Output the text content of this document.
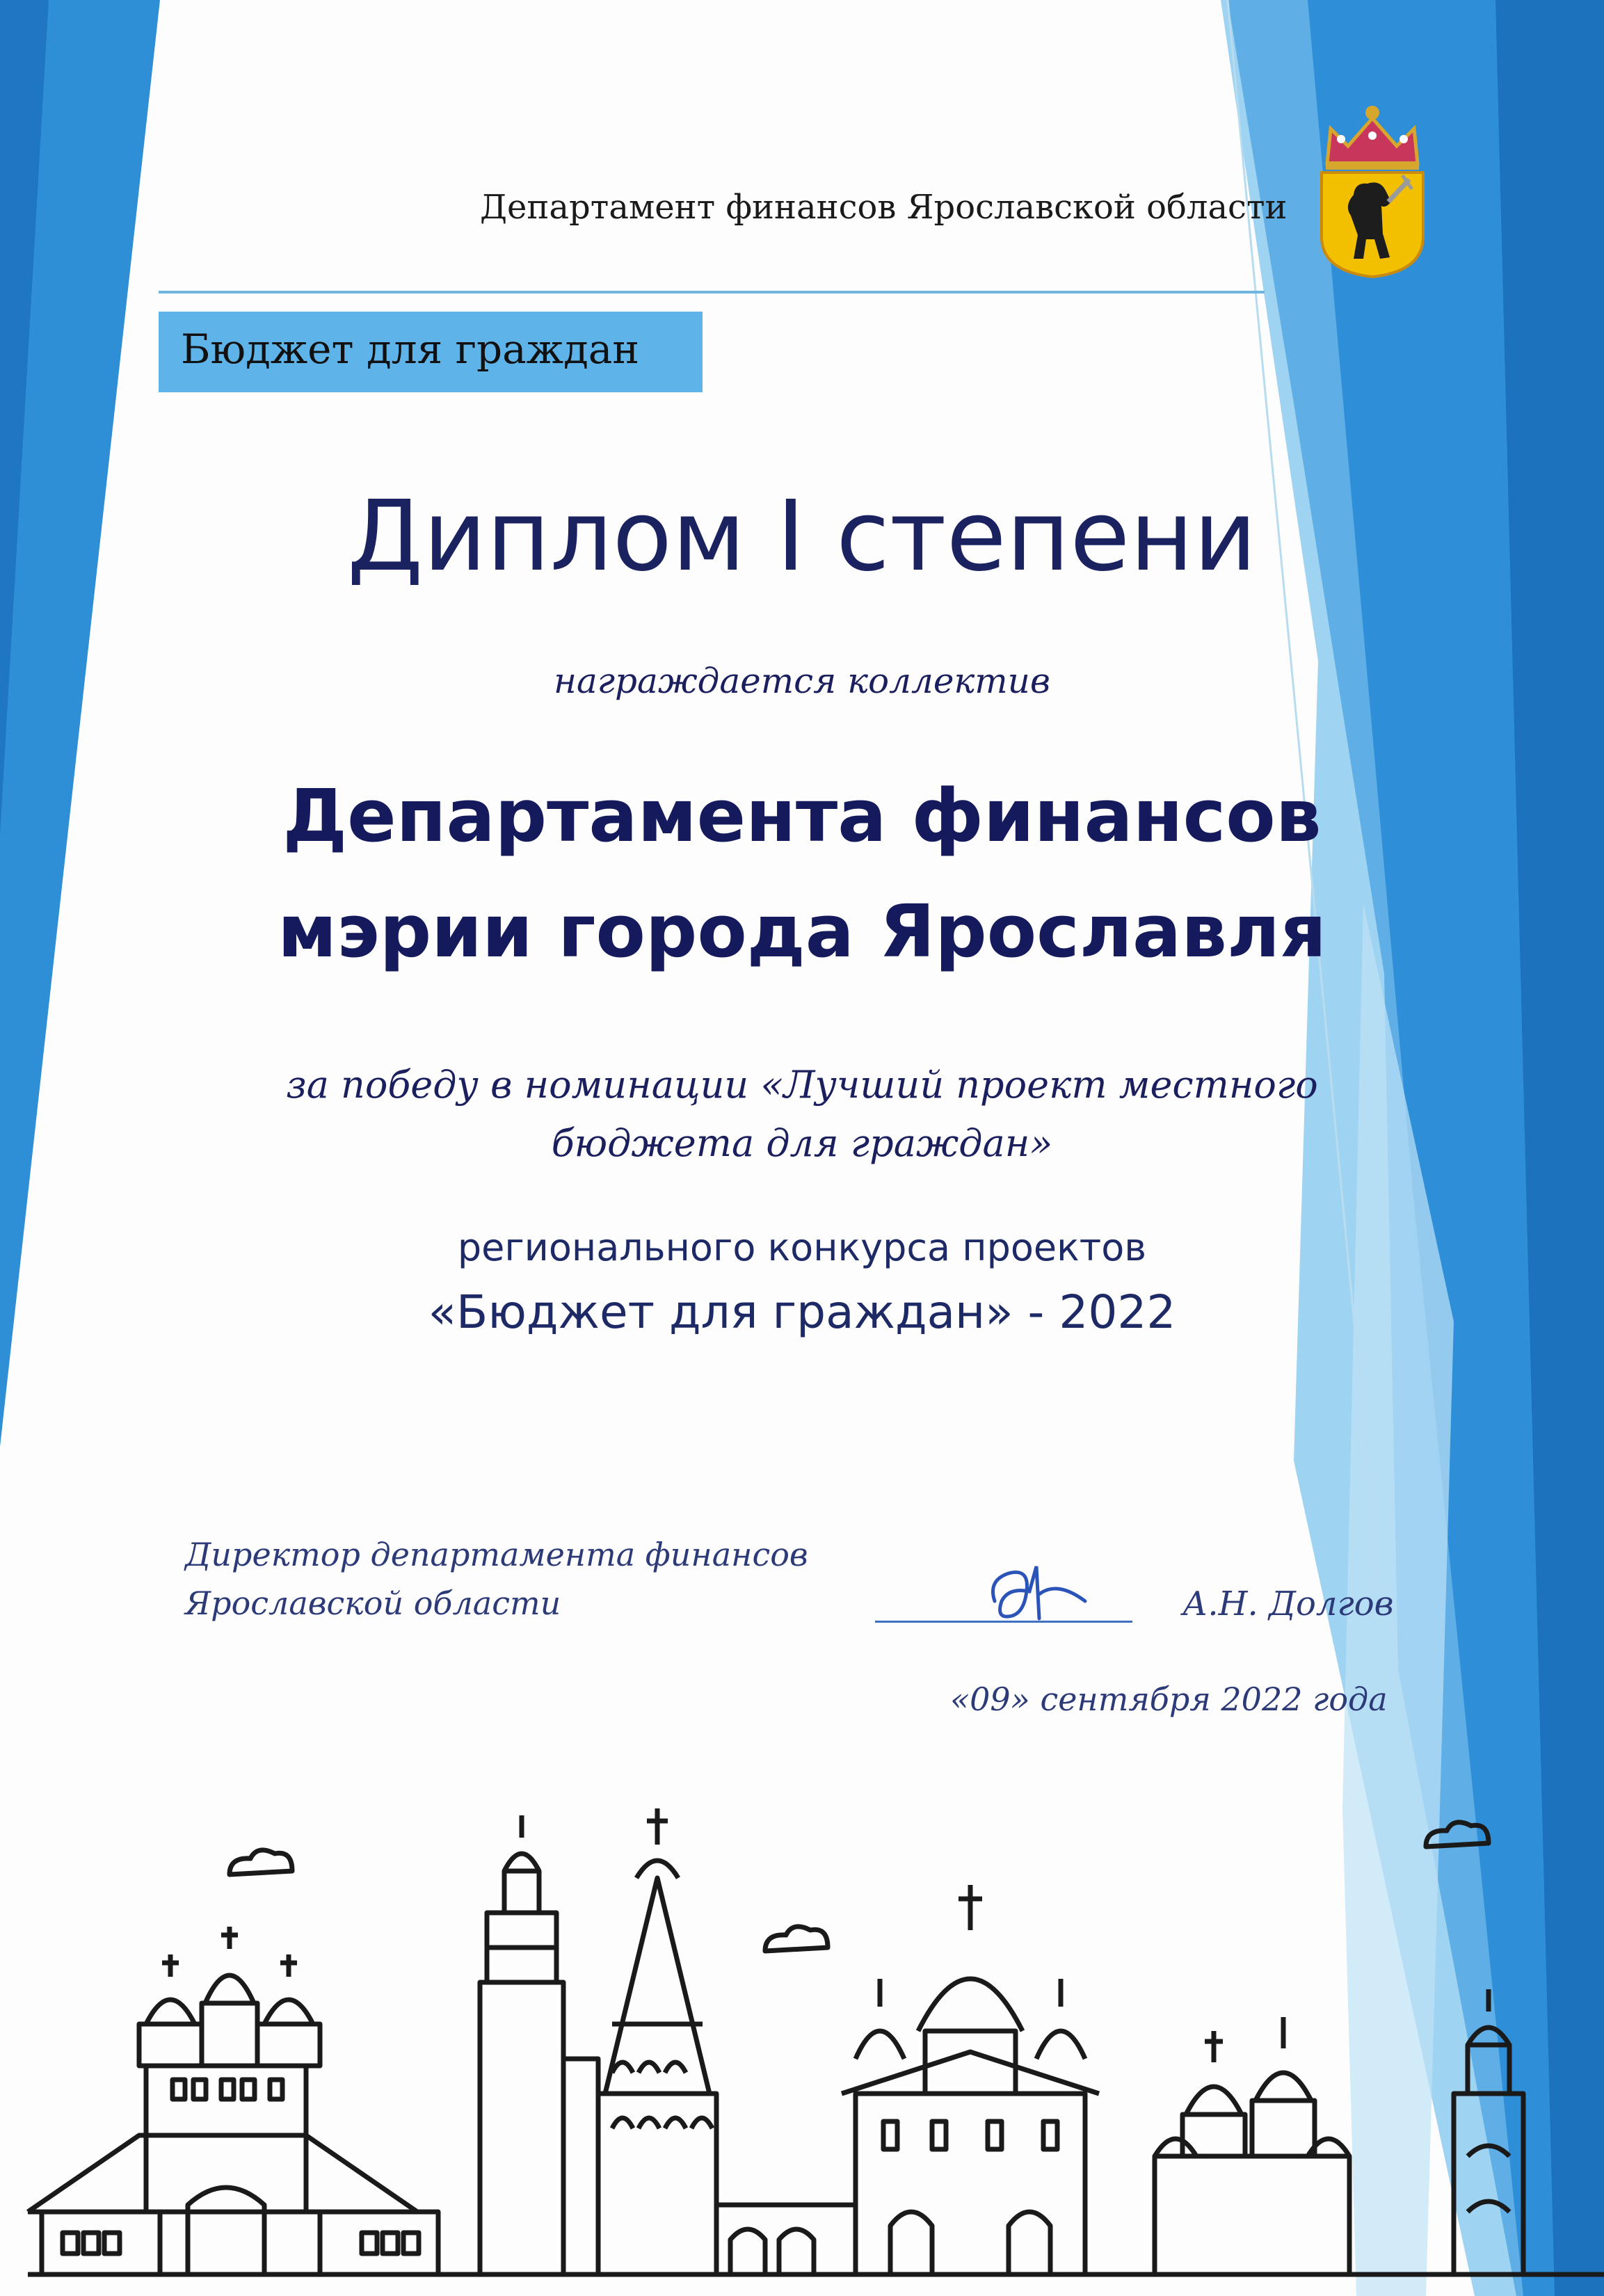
Департамент финансов Ярославской области

Бюджет для граждан

Диплом I степени

награждается коллектив

Департамента финансов

мэрии города Ярославля

за победу в номинации «Лучший проект местного

бюджета для граждан»

регионального конкурса проектов

«Бюджет для граждан» - 2022

Директор департамента финансов

Ярославской области	А.Н. Долгов

«09» сентября 2022 года
